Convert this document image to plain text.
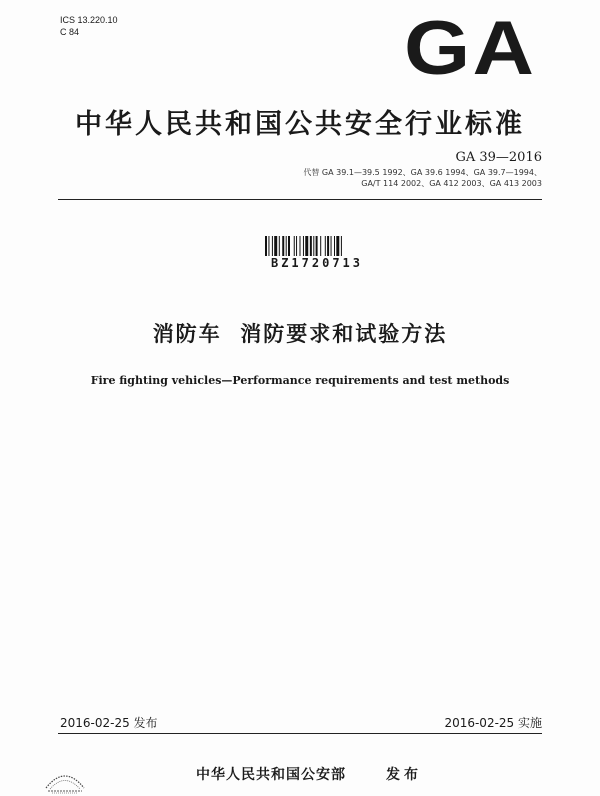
ICS 13.220.10
C 84	GA
中华人民共和国公共安全行业标准
GA 39—2016
代替 GA 39.1—39.5 1992、GA 39.6 1994、GA 39.7—1994、
GA/T 114 2002、GA 412 2003、GA 413 2003
BZ1720713
消防车  消防要求和试验方法
Fire fighting vehicles—Performance requirements and test methods
2016-02-25 发布	2016-02-25 实施
中华人民共和国公安部	发布
